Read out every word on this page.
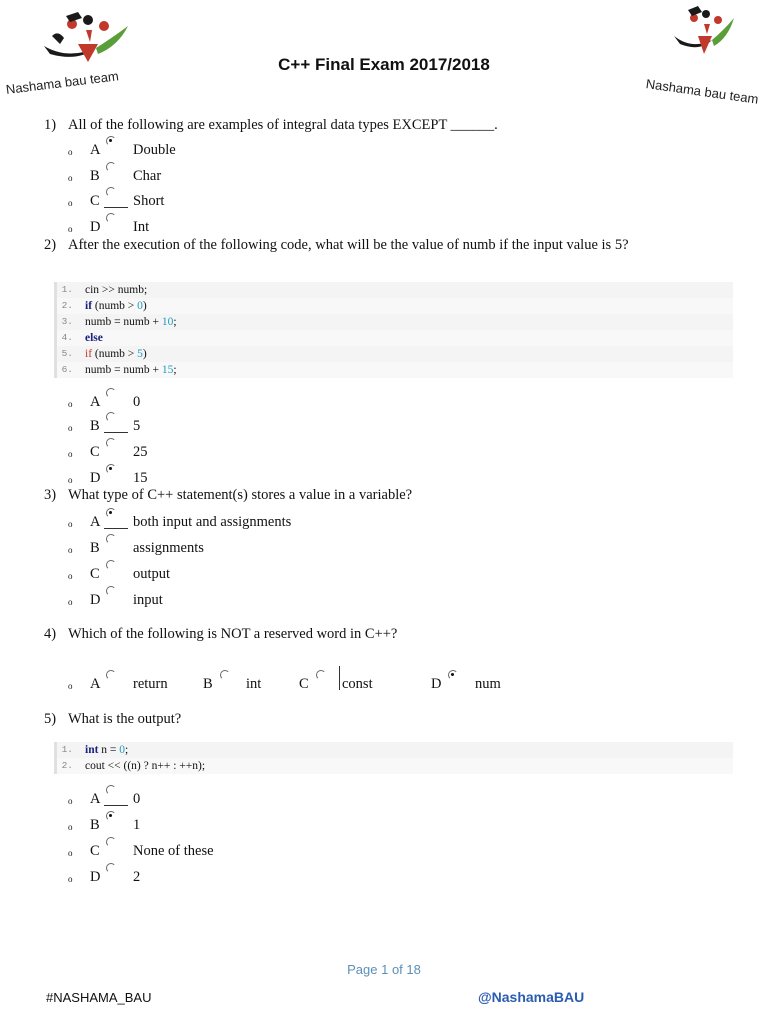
Nashama bau team
C++ Final Exam 2017/2018
Nashama bau team
1) All of the following are examples of integral data types EXCEPT ______.
o A Double
o B Char
o C Short
o D Int
2) After the execution of the following code, what will be the value of numb if the input value is 5?
1. cin >> numb;
2. if (numb > 0)
3. numb = numb + 10;
4. else
5. if (numb > 5)
6. numb = numb + 15;
o A 0
o B 5
o C 25
o D 15
3) What type of C++ statement(s) stores a value in a variable?
o A both input and assignments
o B assignments
o C output
o D input
4) Which of the following is NOT a reserved word in C++?
o A return B int	C const	D num
5) What is the output?
1. int n = 0;
2. cout << ((n) ? n++ : ++n);
o A 0
o B 1
o C None of these
o D 2
Page 1 of 18
#NASHAMA_BAU	@NashamaBAU
